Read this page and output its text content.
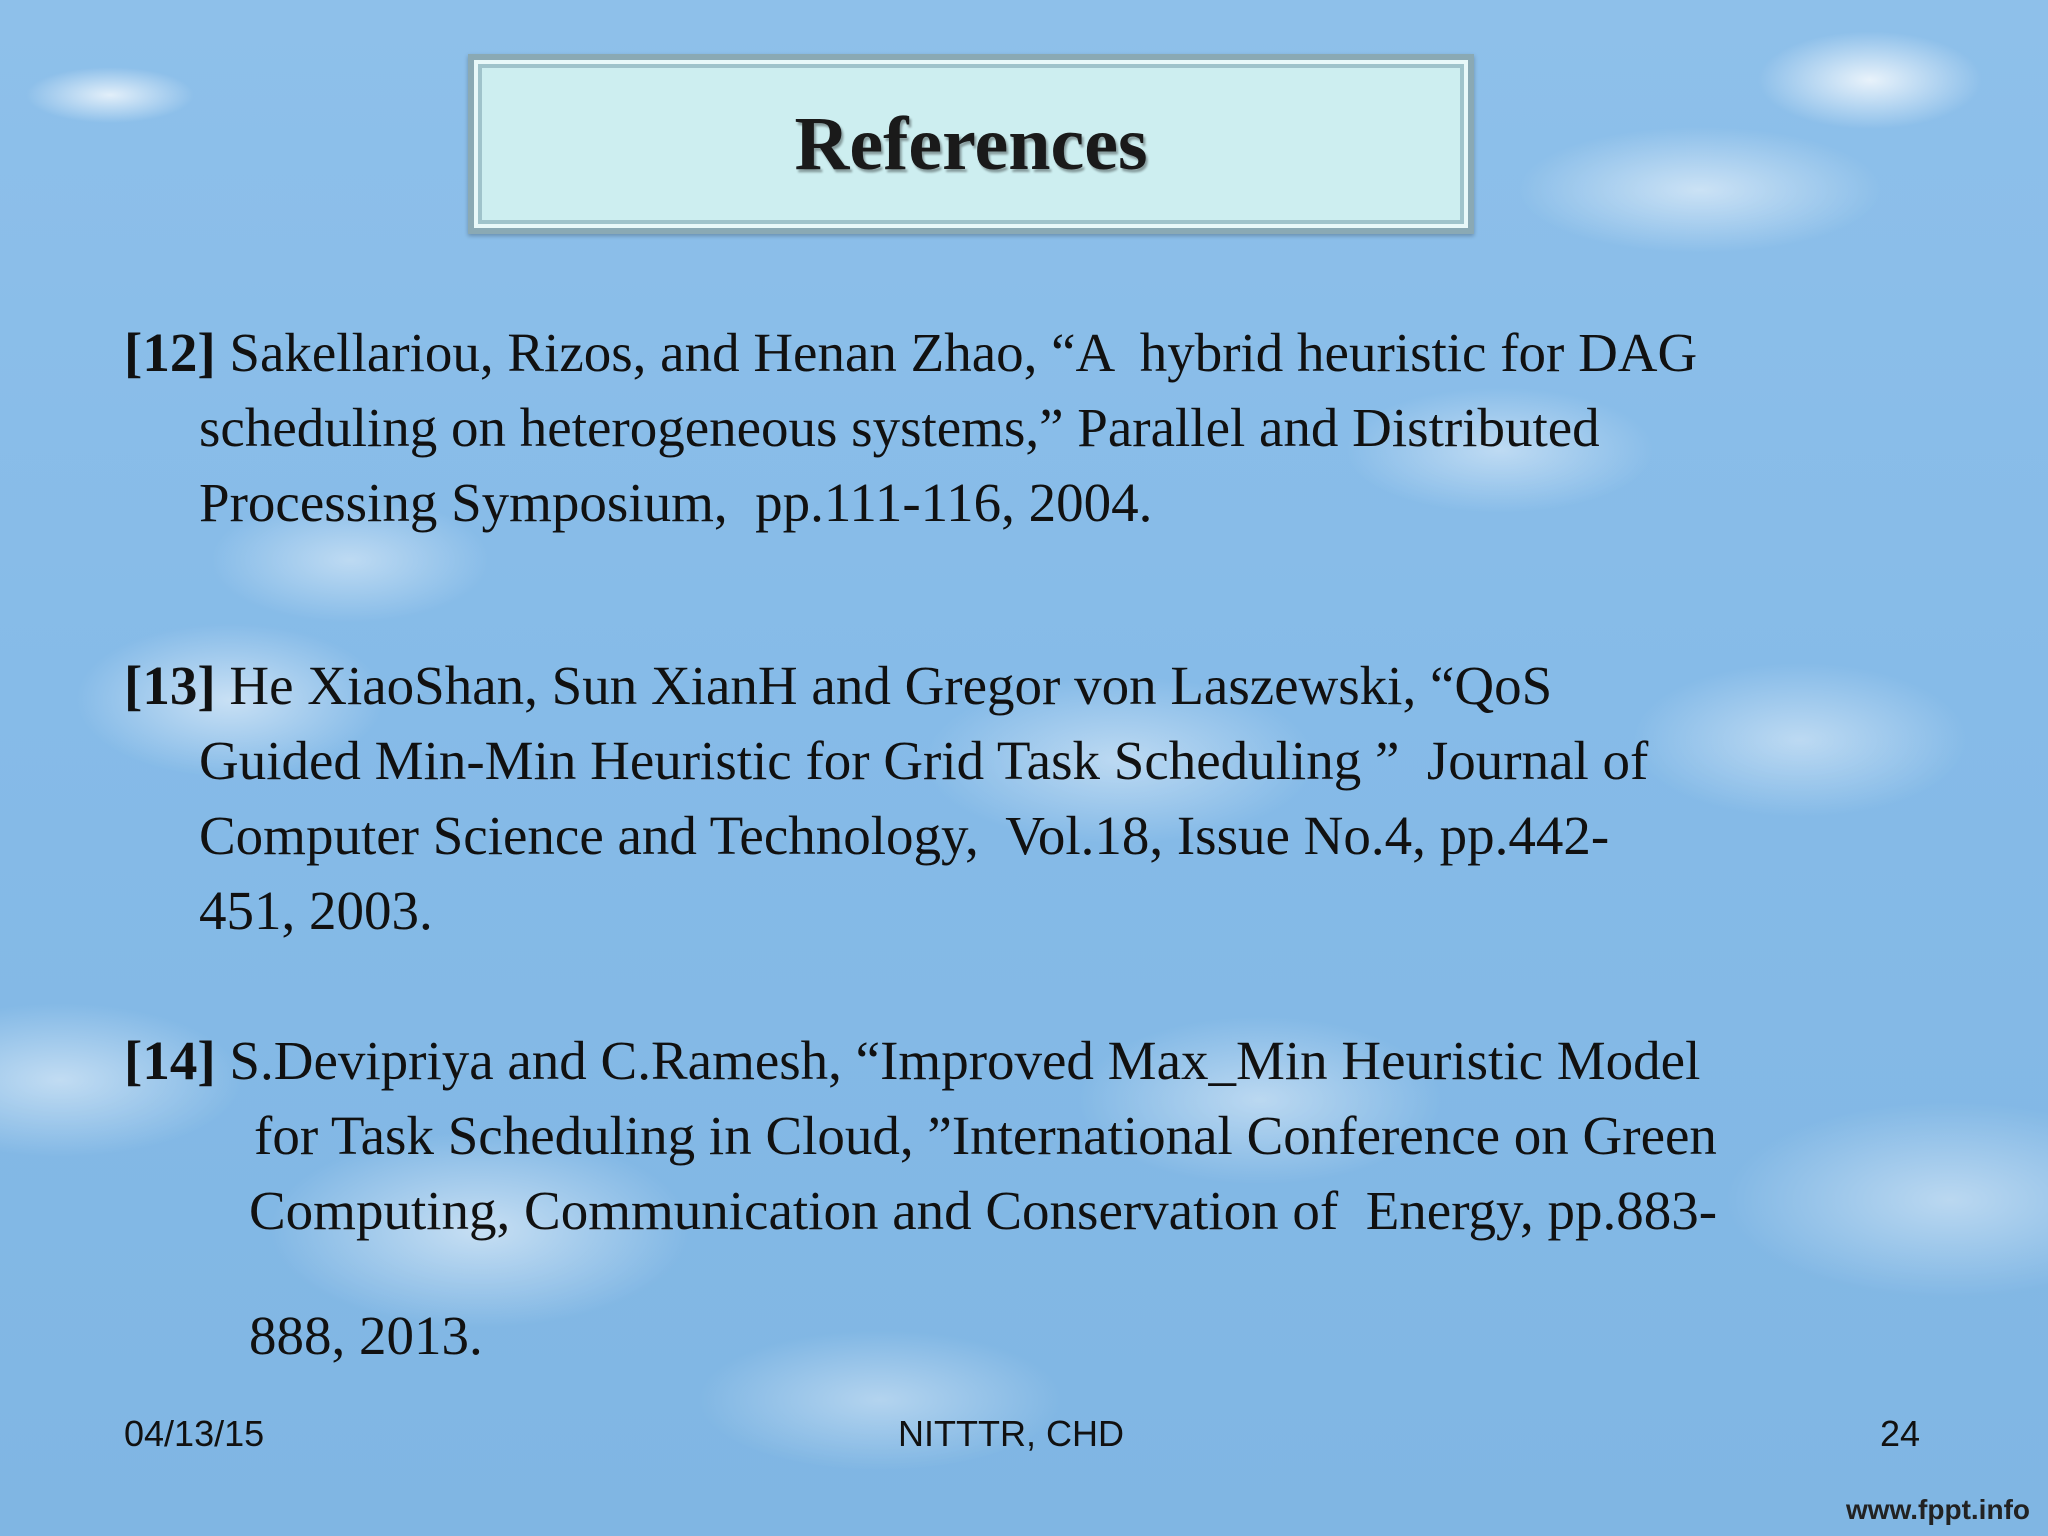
References
[12] Sakellariou, Rizos, and Henan Zhao, “A  hybrid heuristic for DAG
scheduling on heterogeneous systems,” Parallel and Distributed
Processing Symposium,  pp.111-116, 2004.
[13] He XiaoShan, Sun XianH and Gregor von Laszewski, “QoS
Guided Min-Min Heuristic for Grid Task Scheduling ”  Journal of
Computer Science and Technology,  Vol.18, Issue No.4, pp.442-
451, 2003.
[14] S.Devipriya and C.Ramesh, “Improved Max_Min Heuristic Model
for Task Scheduling in Cloud, ”International Conference on Green
Computing, Communication and Conservation of  Energy, pp.883-
888, 2013.
04/13/15	NITTTR, CHD	24
www.fppt.info
